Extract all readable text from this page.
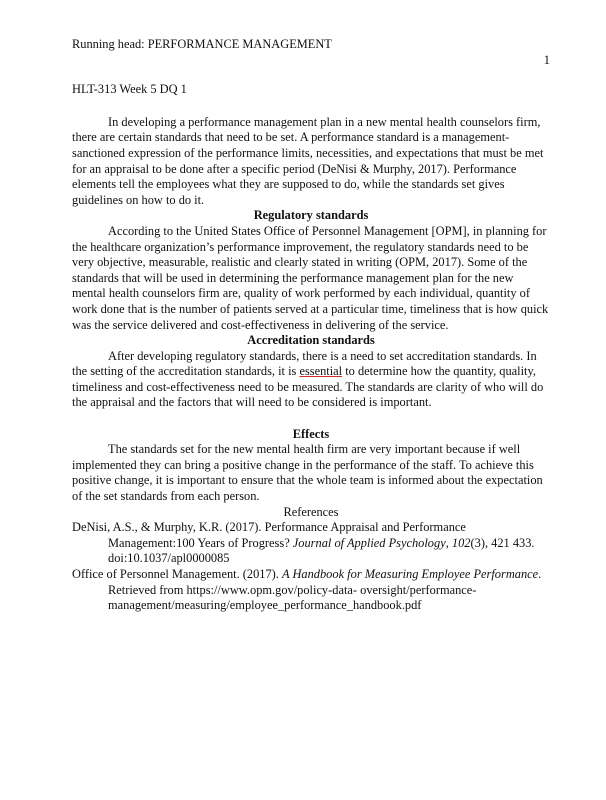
Running head: PERFORMANCE MANAGEMENT
1

HLT-313 Week 5 DQ 1

In developing a performance management plan in a new mental health counselors firm, there are certain standards that need to be set. A performance standard is a management-sanctioned expression of the performance limits, necessities, and expectations that must be met for an appraisal to be done after a specific period (DeNisi & Murphy, 2017). Performance elements tell the employees what they are supposed to do, while the standards set gives guidelines on how to do it.

Regulatory standards

According to the United States Office of Personnel Management [OPM], in planning for the healthcare organization’s performance improvement, the regulatory standards need to be very objective, measurable, realistic and clearly stated in writing (OPM, 2017). Some of the standards that will be used in determining the performance management plan for the new mental health counselors firm are, quality of work performed by each individual, quantity of work done that is the number of patients served at a particular time, timeliness that is how quick was the service delivered and cost-effectiveness in delivering of the service.

Accreditation standards

After developing regulatory standards, there is a need to set accreditation standards. In the setting of the accreditation standards, it is essential to determine how the quantity, quality, timeliness and cost-effectiveness need to be measured. The standards are clarity of who will do the appraisal and the factors that will need to be considered is important.

Effects

The standards set for the new mental health firm are very important because if well implemented they can bring a positive change in the performance of the staff. To achieve this positive change, it is important to ensure that the whole team is informed about the expectation of the set standards from each person.

References

DeNisi, A.S., & Murphy, K.R. (2017). Performance Appraisal and Performance Management:100 Years of Progress? Journal of Applied Psychology, 102(3), 421 433. doi:10.1037/apl0000085

Office of Personnel Management. (2017). A Handbook for Measuring Employee Performance. Retrieved from https://www.opm.gov/policy-data- oversight/performance-management/measuring/employee_performance_handbook.pdf
